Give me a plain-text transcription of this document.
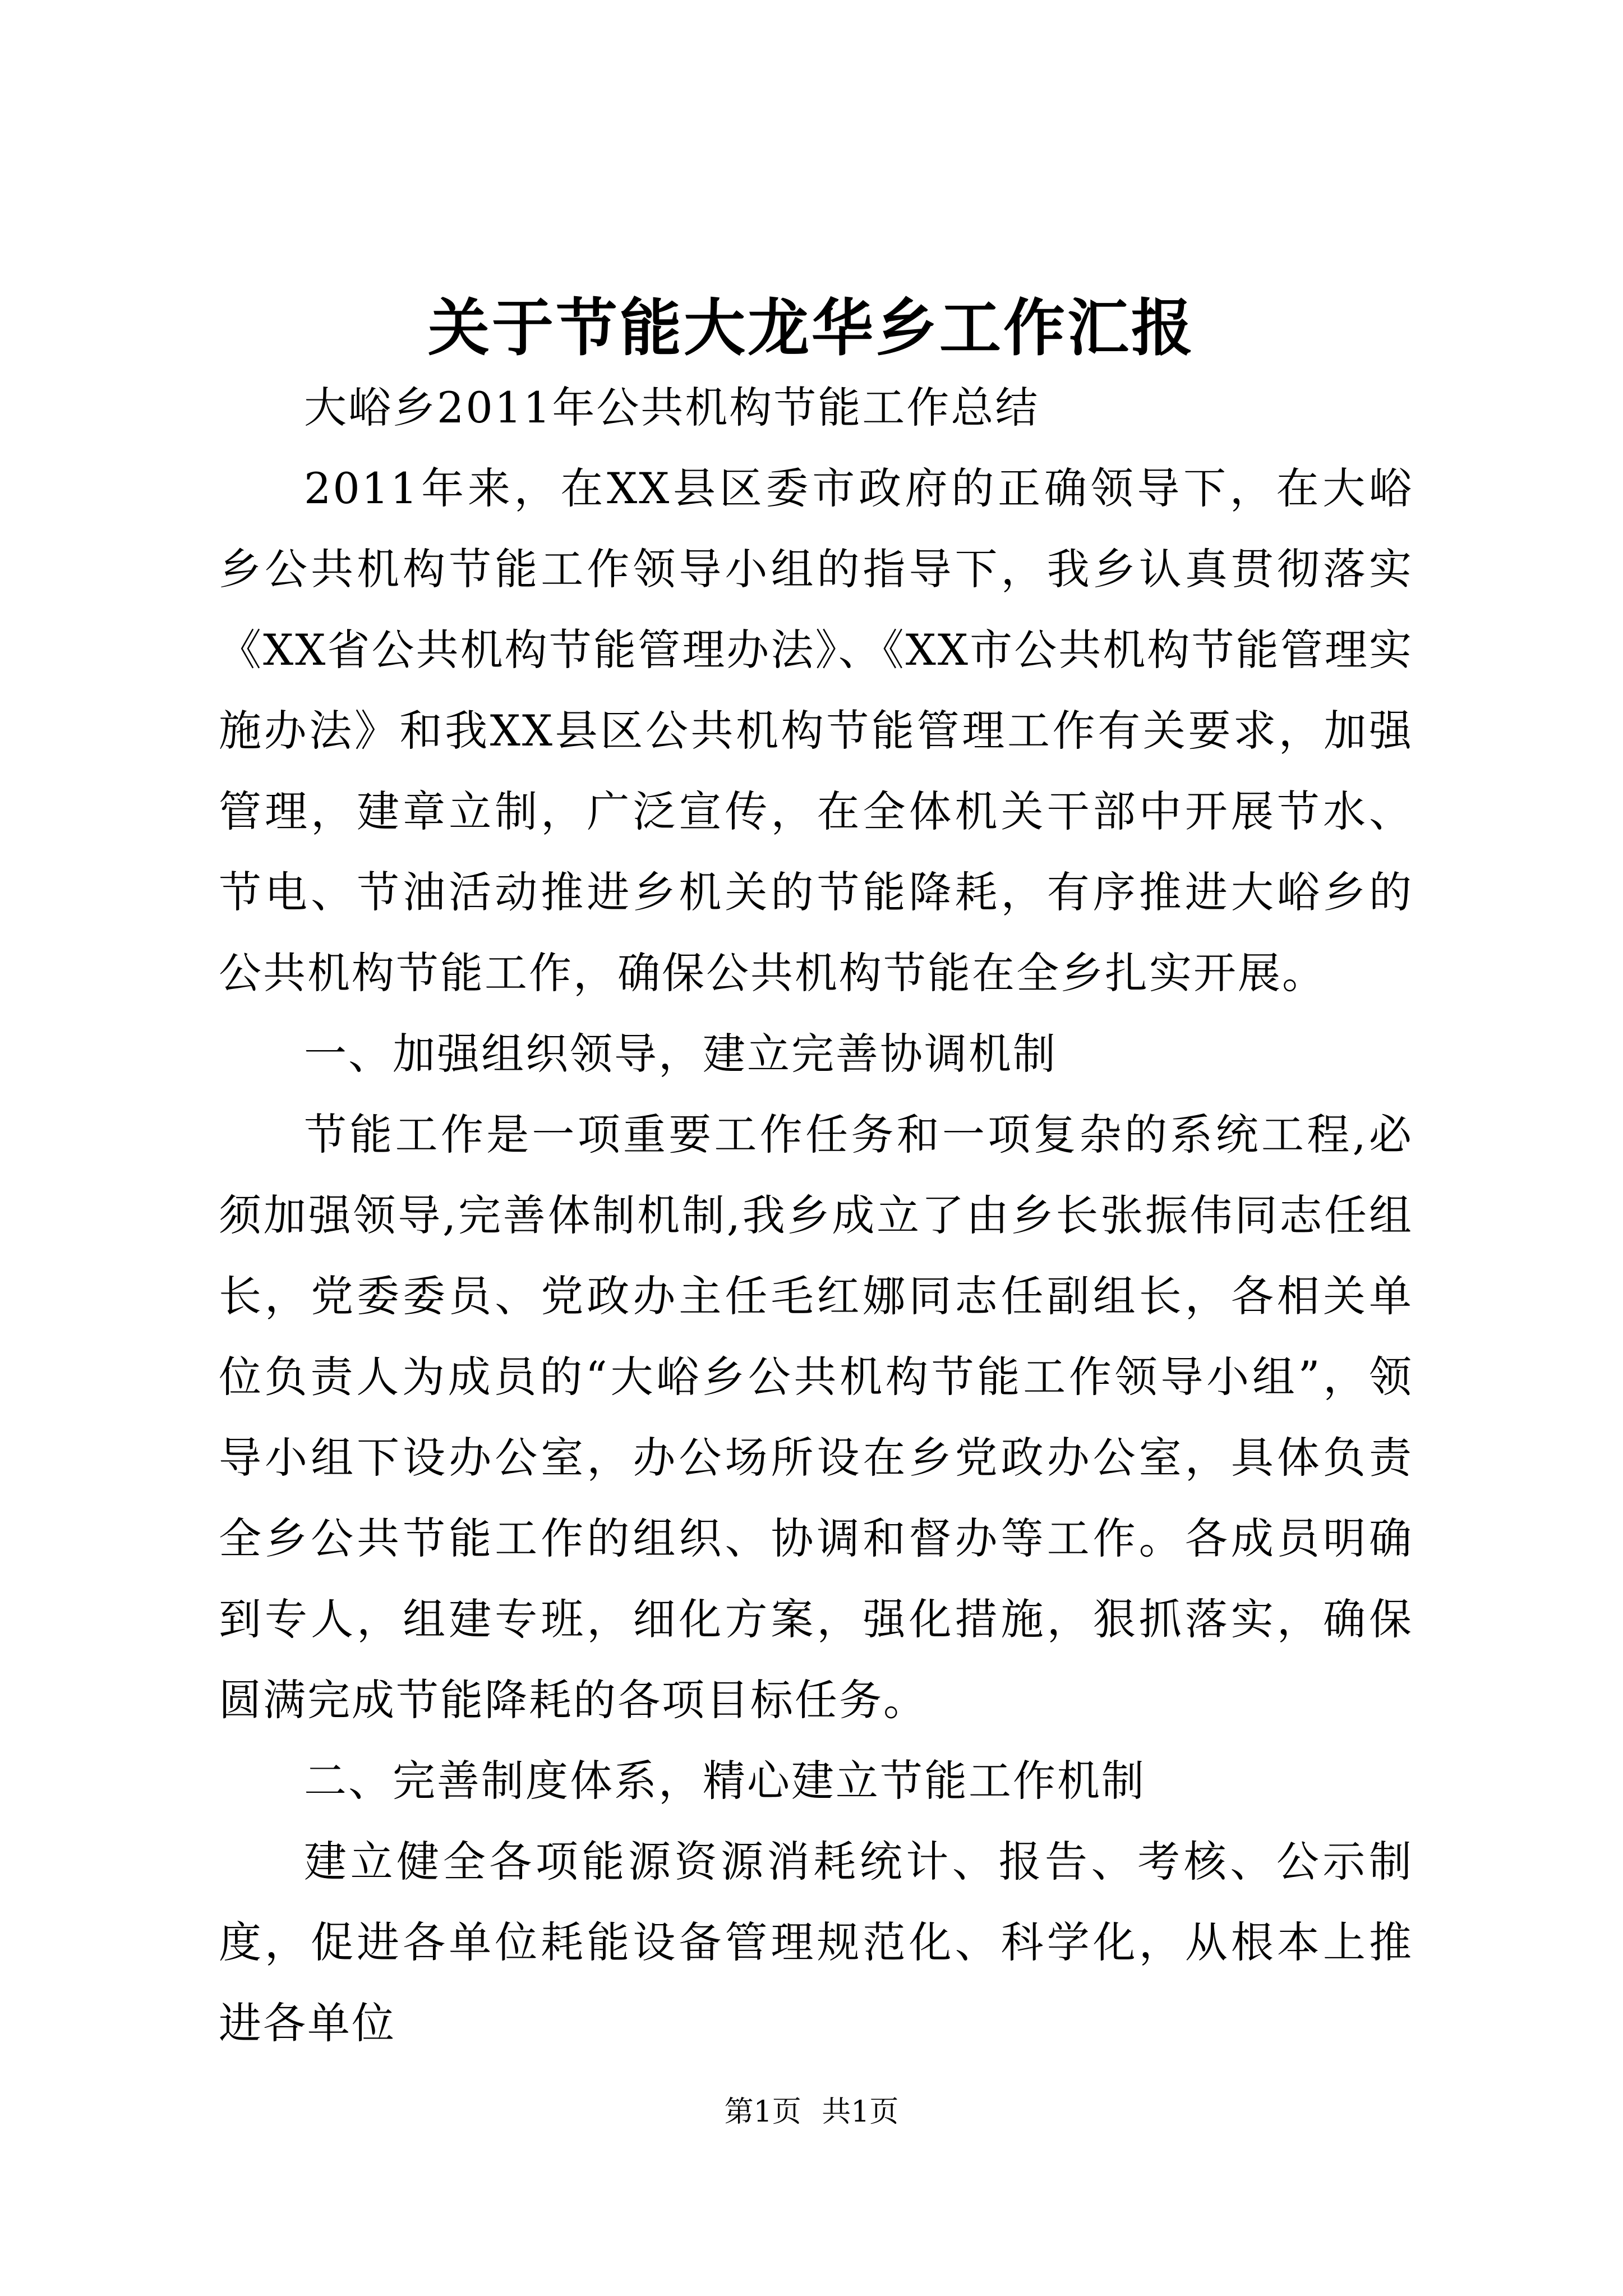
关于节能大龙华乡工作汇报

大峪乡2011年公共机构节能工作总结

2011年来，在XX县区委市政府的正确领导下，在大峪乡公共机构节能工作领导小组的指导下，我乡认真贯彻落实《XX省公共机构节能管理办法》、《XX市公共机构节能管理实施办法》和我XX县区公共机构节能管理工作有关要求，加强管理，建章立制，广泛宣传，在全体机关干部中开展节水、节电、节油活动推进乡机关的节能降耗，有序推进大峪乡的公共机构节能工作，确保公共机构节能在全乡扎实开展。

一、加强组织领导，建立完善协调机制

节能工作是一项重要工作任务和一项复杂的系统工程,必须加强领导,完善体制机制,我乡成立了由乡长张振伟同志任组长，党委委员、党政办主任毛红娜同志任副组长，各相关单位负责人为成员的“大峪乡公共机构节能工作领导小组”，领导小组下设办公室，办公场所设在乡党政办公室，具体负责全乡公共节能工作的组织、协调和督办等工作。各成员明确到专人，组建专班，细化方案，强化措施，狠抓落实，确保圆满完成节能降耗的各项目标任务。

二、完善制度体系，精心建立节能工作机制

建立健全各项能源资源消耗统计、报告、考核、公示制度，促进各单位耗能设备管理规范化、科学化，从根本上推进各单位

第1页 共1页
